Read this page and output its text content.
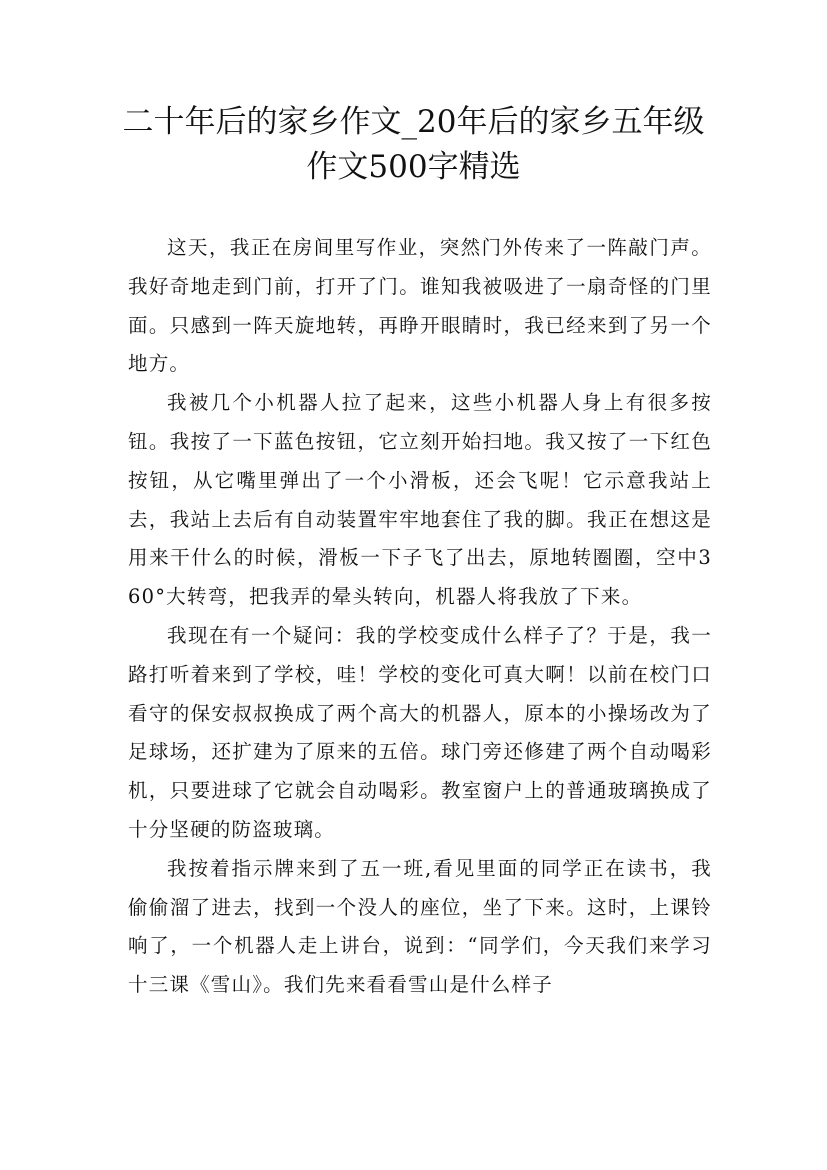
二十年后的家乡作文_20年后的家乡五年级
作文500字精选

这天，我正在房间里写作业，突然门外传来了一阵敲门声。我好奇地走到门前，打开了门。谁知我被吸进了一扇奇怪的门里面。只感到一阵天旋地转，再睁开眼睛时，我已经来到了另一个地方。

我被几个小机器人拉了起来，这些小机器人身上有很多按钮。我按了一下蓝色按钮，它立刻开始扫地。我又按了一下红色按钮，从它嘴里弹出了一个小滑板，还会飞呢！它示意我站上去，我站上去后有自动装置牢牢地套住了我的脚。我正在想这是用来干什么的时候，滑板一下子飞了出去，原地转圈圈，空中360°大转弯，把我弄的晕头转向，机器人将我放了下来。

我现在有一个疑问：我的学校变成什么样子了？于是，我一路打听着来到了学校，哇！学校的变化可真大啊！以前在校门口看守的保安叔叔换成了两个高大的机器人，原本的小操场改为了足球场，还扩建为了原来的五倍。球门旁还修建了两个自动喝彩机，只要进球了它就会自动喝彩。教室窗户上的普通玻璃换成了十分坚硬的防盗玻璃。

我按着指示牌来到了五一班,看见里面的同学正在读书，我偷偷溜了进去，找到一个没人的座位，坐了下来。这时，上课铃响了，一个机器人走上讲台，说到：“同学们，今天我们来学习十三课《雪山》。我们先来看看雪山是什么样子
